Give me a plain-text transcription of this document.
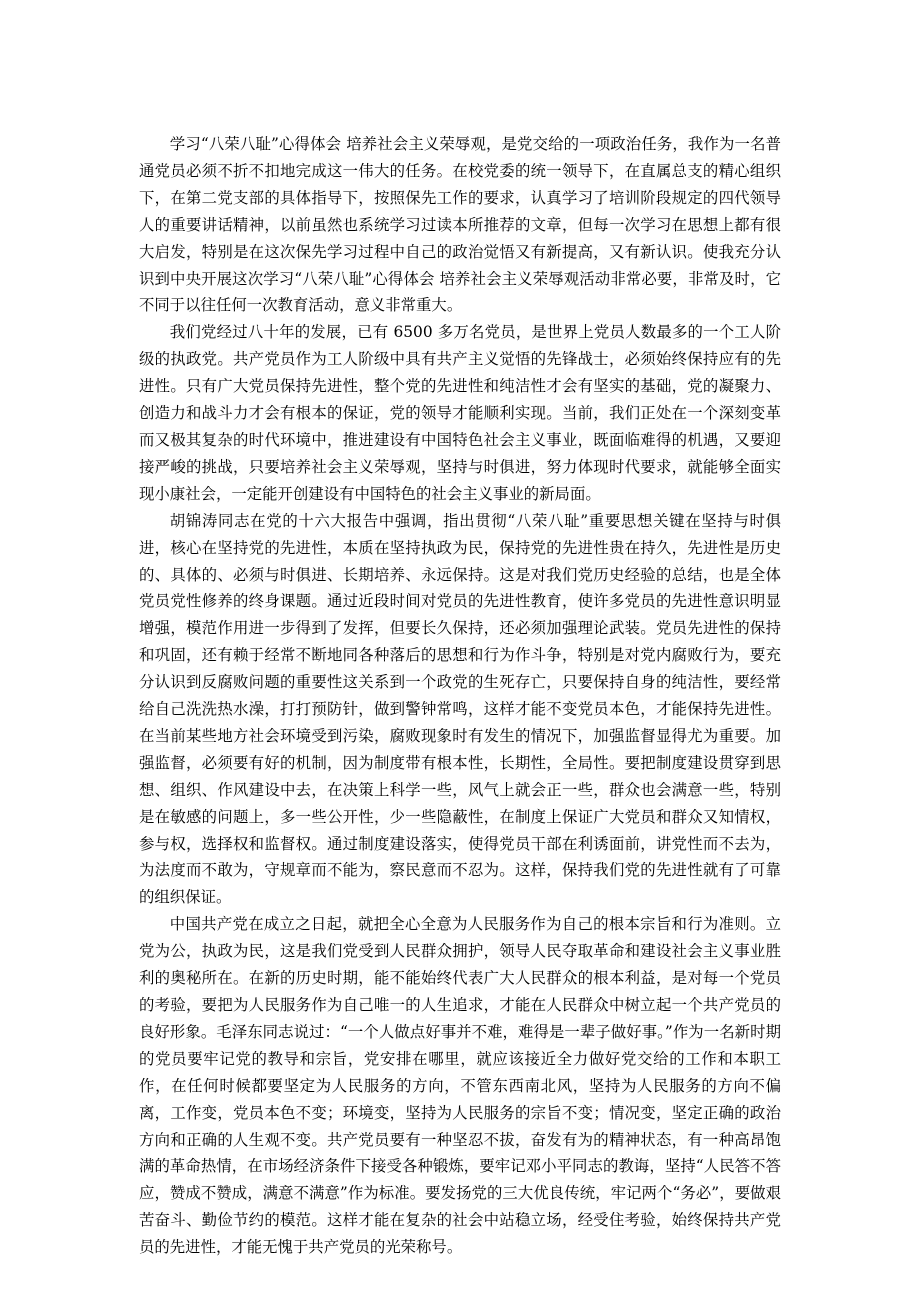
学习“八荣八耻”心得体会 培养社会主义荣辱观，是党交给的一项政治任务，我作为一名普通党员必须不折不扣地完成这一伟大的任务。在校党委的统一领导下，在直属总支的精心组织下，在第二党支部的具体指导下，按照保先工作的要求，认真学习了培训阶段规定的四代领导人的重要讲话精神，以前虽然也系统学习过读本所推荐的文章，但每一次学习在思想上都有很大启发，特别是在这次保先学习过程中自己的政治觉悟又有新提高，又有新认识。使我充分认识到中央开展这次学习“八荣八耻”心得体会 培养社会主义荣辱观活动非常必要，非常及时，它不同于以往任何一次教育活动，意义非常重大。

我们党经过八十年的发展，已有 6500 多万名党员，是世界上党员人数最多的一个工人阶级的执政党。共产党员作为工人阶级中具有共产主义觉悟的先锋战士，必须始终保持应有的先进性。只有广大党员保持先进性，整个党的先进性和纯洁性才会有坚实的基础，党的凝聚力、创造力和战斗力才会有根本的保证，党的领导才能顺利实现。当前，我们正处在一个深刻变革而又极其复杂的时代环境中，推进建设有中国特色社会主义事业，既面临难得的机遇，又要迎接严峻的挑战，只要培养社会主义荣辱观，坚持与时俱进，努力体现时代要求，就能够全面实现小康社会，一定能开创建设有中国特色的社会主义事业的新局面。

胡锦涛同志在党的十六大报告中强调，指出贯彻“八荣八耻”重要思想关键在坚持与时俱进，核心在坚持党的先进性，本质在坚持执政为民，保持党的先进性贵在持久，先进性是历史的、具体的、必须与时俱进、长期培养、永远保持。这是对我们党历史经验的总结，也是全体党员党性修养的终身课题。通过近段时间对党员的先进性教育，使许多党员的先进性意识明显增强，模范作用进一步得到了发挥，但要长久保持，还必须加强理论武装。党员先进性的保持和巩固，还有赖于经常不断地同各种落后的思想和行为作斗争，特别是对党内腐败行为，要充分认识到反腐败问题的重要性这关系到一个政党的生死存亡，只要保持自身的纯洁性，要经常给自己洗洗热水澡，打打预防针，做到警钟常鸣，这样才能不变党员本色，才能保持先进性。在当前某些地方社会环境受到污染，腐败现象时有发生的情况下，加强监督显得尤为重要。加强监督，必须要有好的机制，因为制度带有根本性，长期性，全局性。要把制度建设贯穿到思想、组织、作风建设中去，在决策上科学一些，风气上就会正一些，群众也会满意一些，特别是在敏感的问题上，多一些公开性，少一些隐蔽性，在制度上保证广大党员和群众又知情权，参与权，选择权和监督权。通过制度建设落实，使得党员干部在利诱面前，讲党性而不去为，为法度而不敢为，守规章而不能为，察民意而不忍为。这样，保持我们党的先进性就有了可靠的组织保证。

中国共产党在成立之日起，就把全心全意为人民服务作为自己的根本宗旨和行为准则。立党为公，执政为民，这是我们党受到人民群众拥护，领导人民夺取革命和建设社会主义事业胜利的奥秘所在。在新的历史时期，能不能始终代表广大人民群众的根本利益，是对每一个党员的考验，要把为人民服务作为自己唯一的人生追求，才能在人民群众中树立起一个共产党员的良好形象。毛泽东同志说过：“一个人做点好事并不难，难得是一辈子做好事。”作为一名新时期的党员要牢记党的教导和宗旨，党安排在哪里，就应该接近全力做好党交给的工作和本职工作，在任何时候都要坚定为人民服务的方向，不管东西南北风，坚持为人民服务的方向不偏离，工作变，党员本色不变；环境变，坚持为人民服务的宗旨不变；情况变，坚定正确的政治方向和正确的人生观不变。共产党员要有一种坚忍不拔，奋发有为的精神状态，有一种高昂饱满的革命热情，在市场经济条件下接受各种锻炼，要牢记邓小平同志的教诲，坚持“人民答不答应，赞成不赞成，满意不满意”作为标准。要发扬党的三大优良传统，牢记两个“务必”，要做艰苦奋斗、勤俭节约的模范。这样才能在复杂的社会中站稳立场，经受住考验，始终保持共产党员的先进性，才能无愧于共产党员的光荣称号。
